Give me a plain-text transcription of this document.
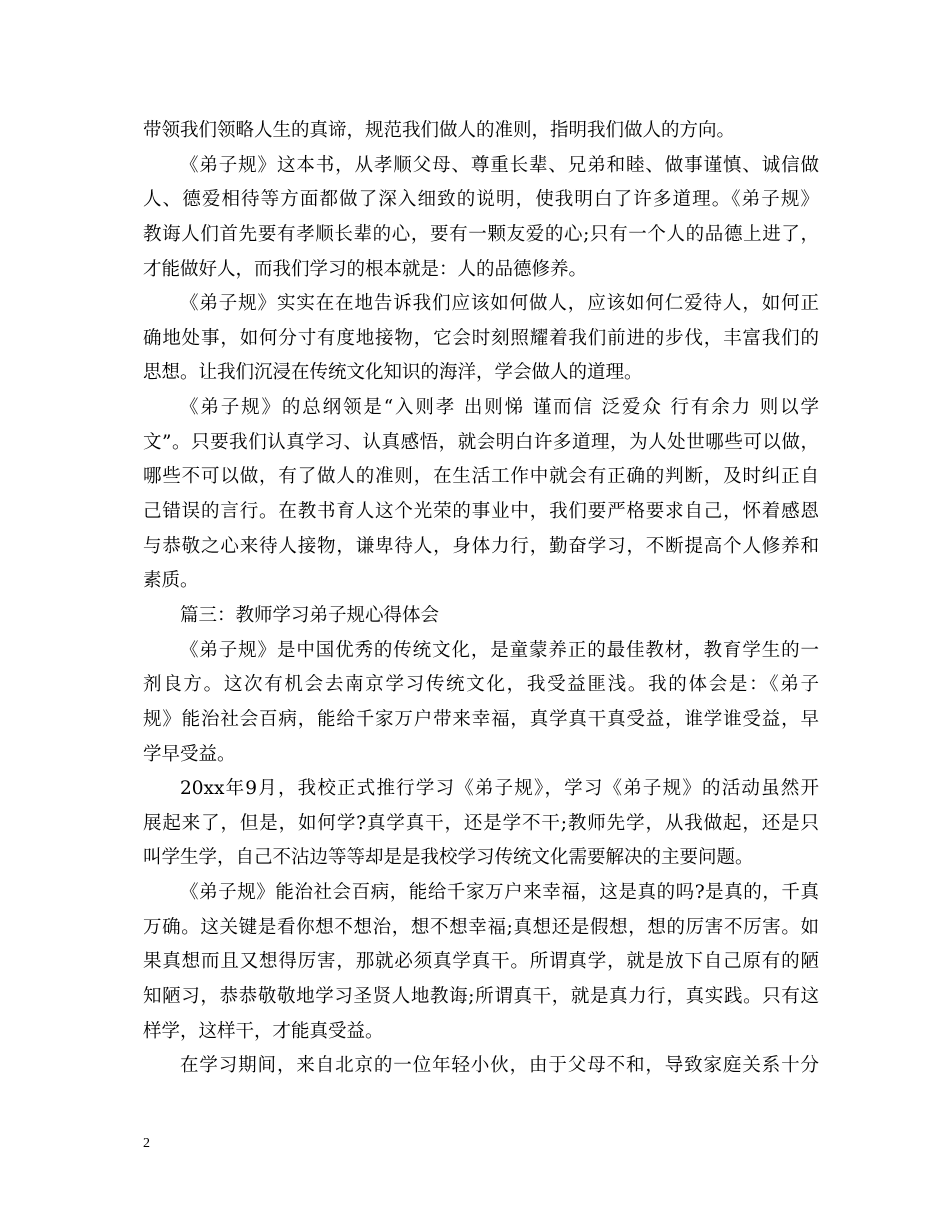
带领我们领略人生的真谛，规范我们做人的准则，指明我们做人的方向。
《弟子规》这本书，从孝顺父母、尊重长辈、兄弟和睦、做事谨慎、诚信做
人、德爱相待等方面都做了深入细致的说明，使我明白了许多道理。《弟子规》
教诲人们首先要有孝顺长辈的心，要有一颗友爱的心;只有一个人的品德上进了，
才能做好人，而我们学习的根本就是：人的品德修养。
《弟子规》实实在在地告诉我们应该如何做人，应该如何仁爱待人，如何正
确地处事，如何分寸有度地接物，它会时刻照耀着我们前进的步伐，丰富我们的
思想。让我们沉浸在传统文化知识的海洋，学会做人的道理。
《弟子规》的总纲领是“入则孝 出则悌 谨而信 泛爱众 行有余力 则以学
文”。只要我们认真学习、认真感悟，就会明白许多道理，为人处世哪些可以做，
哪些不可以做，有了做人的准则，在生活工作中就会有正确的判断，及时纠正自
己错误的言行。在教书育人这个光荣的事业中，我们要严格要求自己，怀着感恩
与恭敬之心来待人接物，谦卑待人，身体力行，勤奋学习，不断提高个人修养和
素质。
篇三：教师学习弟子规心得体会
《弟子规》是中国优秀的传统文化，是童蒙养正的最佳教材，教育学生的一
剂良方。这次有机会去南京学习传统文化，我受益匪浅。我的体会是：《弟子
规》能治社会百病，能给千家万户带来幸福，真学真干真受益，谁学谁受益，早
学早受益。
20xx年9月，我校正式推行学习《弟子规》，学习《弟子规》的活动虽然开
展起来了，但是，如何学?真学真干，还是学不干;教师先学，从我做起，还是只
叫学生学，自己不沾边等等却是是我校学习传统文化需要解决的主要问题。
《弟子规》能治社会百病，能给千家万户来幸福，这是真的吗?是真的，千真
万确。这关键是看你想不想治，想不想幸福;真想还是假想，想的厉害不厉害。如
果真想而且又想得厉害，那就必须真学真干。所谓真学，就是放下自己原有的陋
知陋习，恭恭敬敬地学习圣贤人地教诲;所谓真干，就是真力行，真实践。只有这
样学，这样干，才能真受益。
在学习期间，来自北京的一位年轻小伙，由于父母不和，导致家庭关系十分
2
